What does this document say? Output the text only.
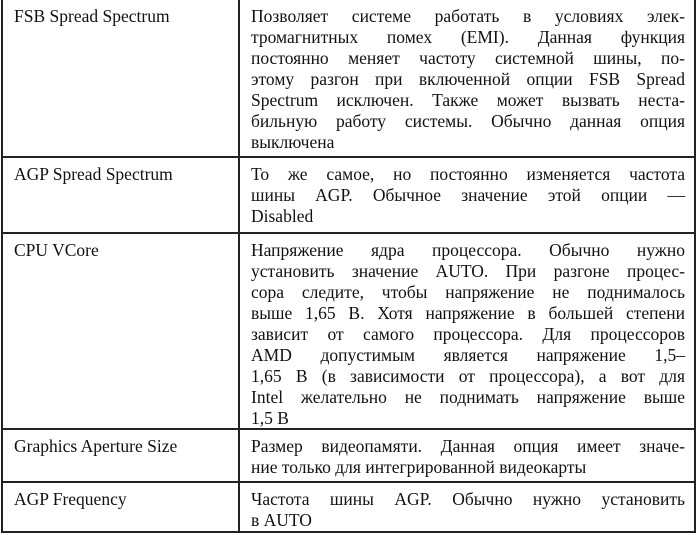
FSB Spread Spectrum	Позволяет системе работать в условиях элек-
тромагнитных помех (EMI). Данная функция
постоянно меняет частоту системной шины, по-
этому разгон при включенной опции FSB Spread
Spectrum исключен. Также может вызвать неста-
бильную работу системы. Обычно данная опция
выключена
AGP Spread Spectrum	То же самое, но постоянно изменяется частота
шины AGP. Обычное значение этой опции —
Disabled
CPU VCore	Напряжение ядра процессора. Обычно нужно
установить значение AUTO. При разгоне процес-
сора следите, чтобы напряжение не поднималось
выше 1,65 В. Хотя напряжение в большей степени
зависит от самого процессора. Для процессоров
AMD допустимым является напряжение 1,5–
1,65 В (в зависимости от процессора), а вот для
Intel желательно не поднимать напряжение выше
1,5 В
Graphics Aperture Size	Размер видеопамяти. Данная опция имеет значе-
ние только для интегрированной видеокарты
AGP Frequency	Частота шины AGP. Обычно нужно установить
в AUTO
